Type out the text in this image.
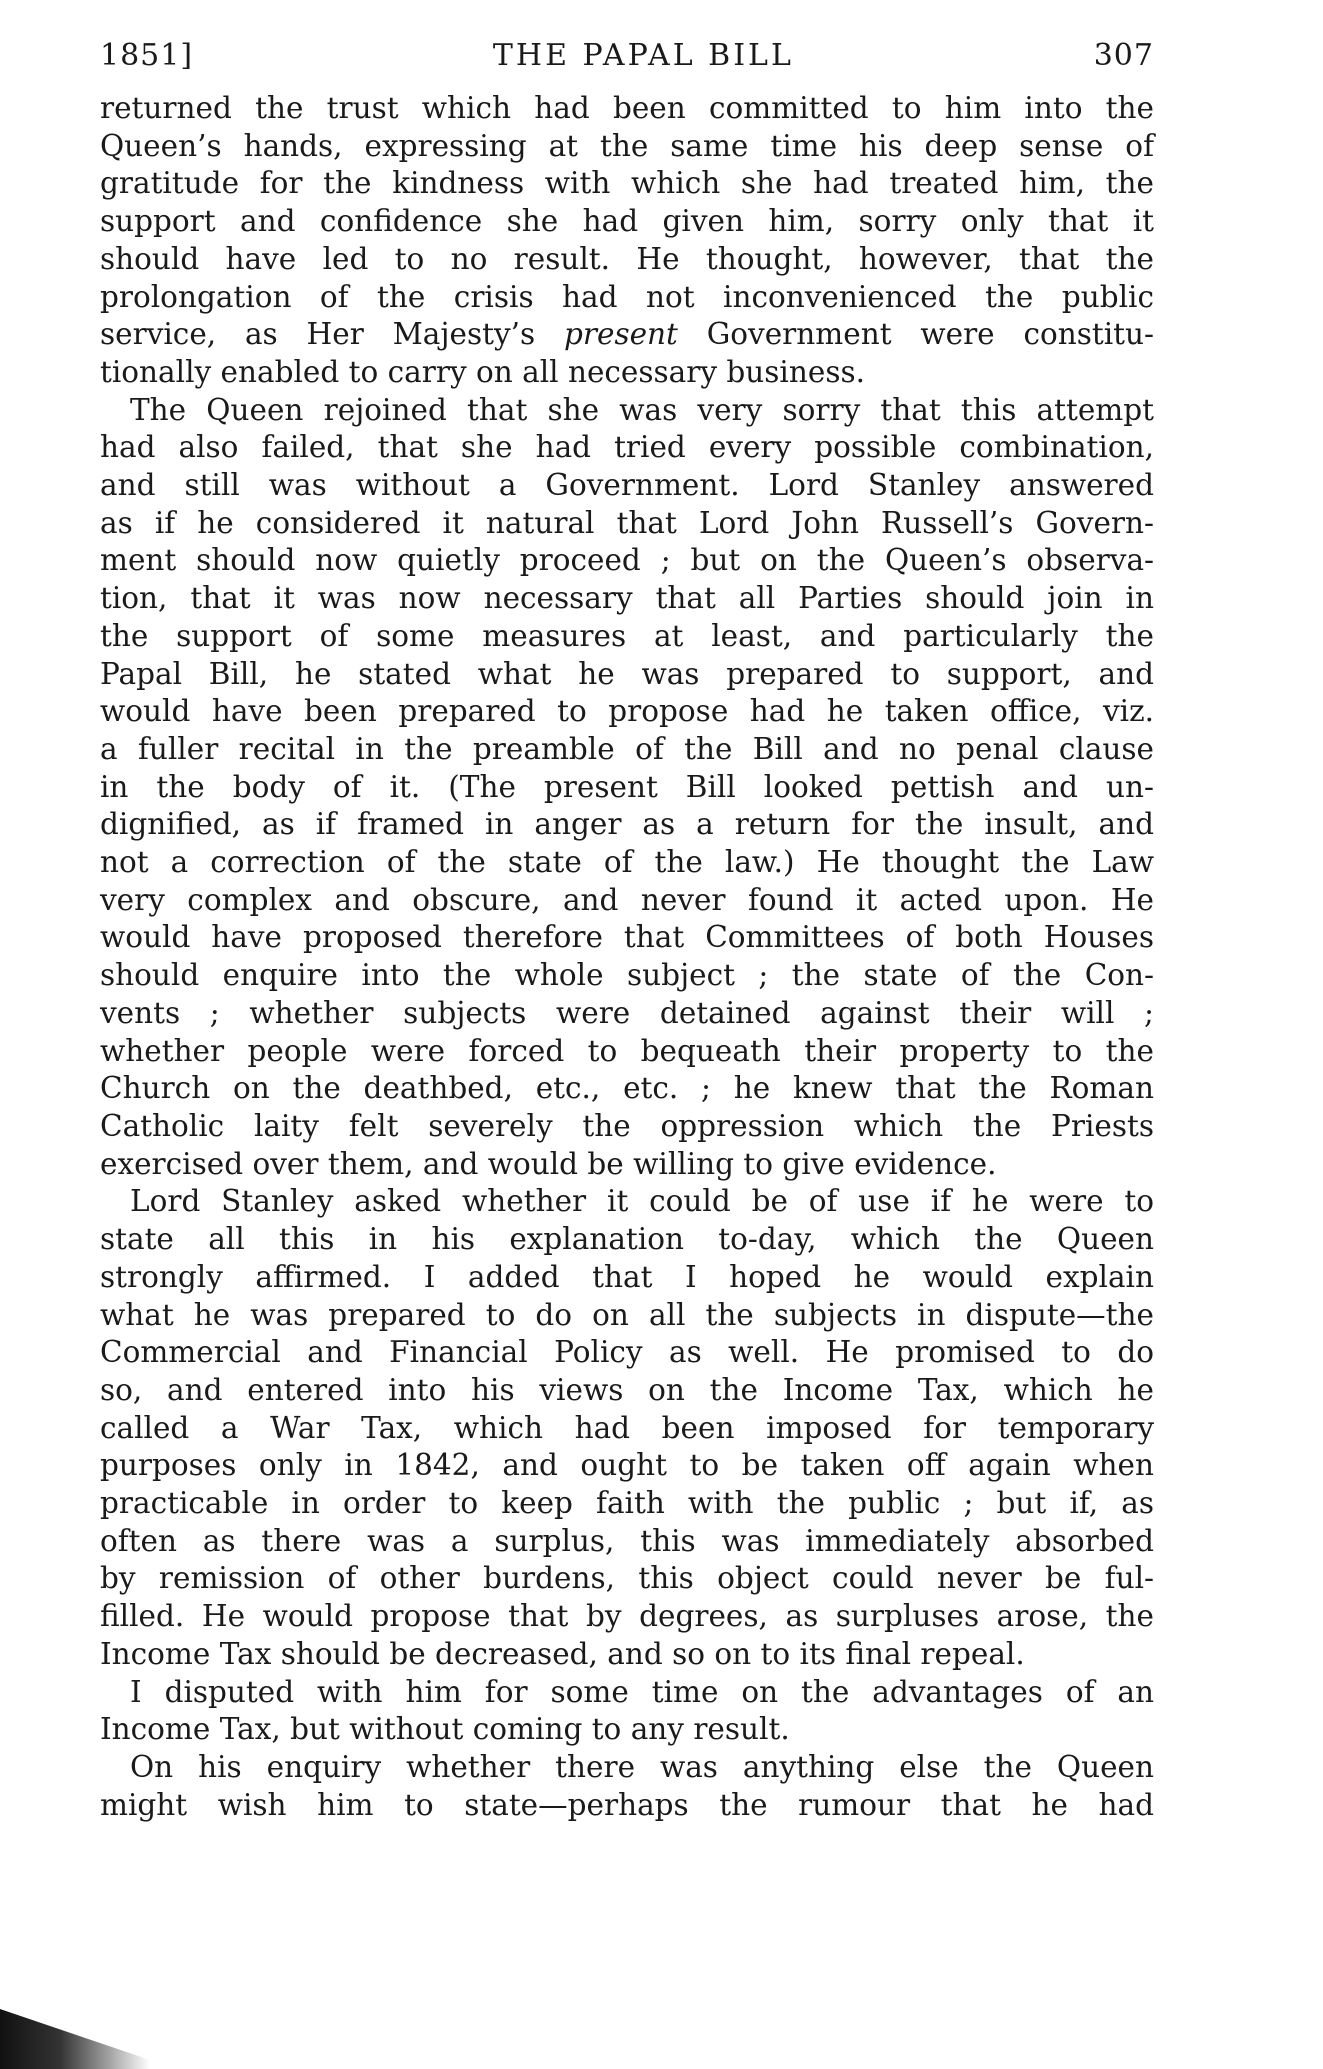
1851]	THE PAPAL BILL	307
returned the trust which had been committed to him into the
Queen’s hands, expressing at the same time his deep sense of
gratitude for the kindness with which she had treated him, the
support and confidence she had given him, sorry only that it
should have led to no result. He thought, however, that the
prolongation of the crisis had not inconvenienced the public
service, as Her Majesty’s present Government were constitu-
tionally enabled to carry on all necessary business.
The Queen rejoined that she was very sorry that this attempt
had also failed, that she had tried every possible combination,
and still was without a Government. Lord Stanley answered
as if he considered it natural that Lord John Russell’s Govern-
ment should now quietly proceed ; but on the Queen’s observa-
tion, that it was now necessary that all Parties should join in
the support of some measures at least, and particularly the
Papal Bill, he stated what he was prepared to support, and
would have been prepared to propose had he taken office, viz.
a fuller recital in the preamble of the Bill and no penal clause
in the body of it. (The present Bill looked pettish and un-
dignified, as if framed in anger as a return for the insult, and
not a correction of the state of the law.) He thought the Law
very complex and obscure, and never found it acted upon. He
would have proposed therefore that Committees of both Houses
should enquire into the whole subject ; the state of the Con-
vents ; whether subjects were detained against their will ;
whether people were forced to bequeath their property to the
Church on the deathbed, etc., etc. ; he knew that the Roman
Catholic laity felt severely the oppression which the Priests
exercised over them, and would be willing to give evidence.
Lord Stanley asked whether it could be of use if he were to
state all this in his explanation to-day, which the Queen
strongly affirmed. I added that I hoped he would explain
what he was prepared to do on all the subjects in dispute—the
Commercial and Financial Policy as well. He promised to do
so, and entered into his views on the Income Tax, which he
called a War Tax, which had been imposed for temporary
purposes only in 1842, and ought to be taken off again when
practicable in order to keep faith with the public ; but if, as
often as there was a surplus, this was immediately absorbed
by remission of other burdens, this object could never be ful-
filled. He would propose that by degrees, as surpluses arose, the
Income Tax should be decreased, and so on to its final repeal.
I disputed with him for some time on the advantages of an
Income Tax, but without coming to any result.
On his enquiry whether there was anything else the Queen
might wish him to state—perhaps the rumour that he had
